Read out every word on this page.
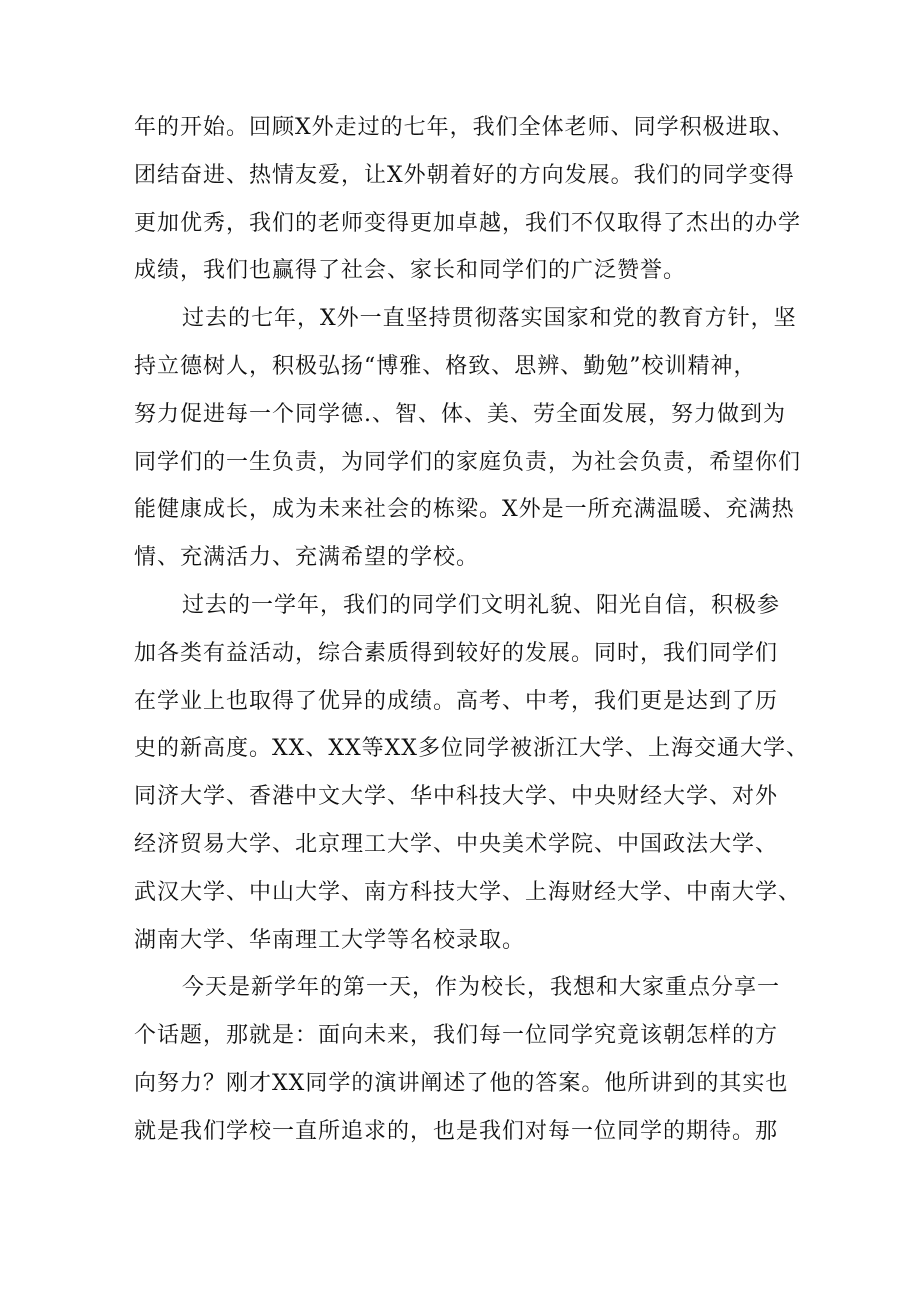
年的开始。回顾X外走过的七年，我们全体老师、同学积极进取、
团结奋进、热情友爱，让X外朝着好的方向发展。我们的同学变得
更加优秀，我们的老师变得更加卓越，我们不仅取得了杰出的办学
成绩，我们也赢得了社会、家长和同学们的广泛赞誉。
过去的七年，X外一直坚持贯彻落实国家和党的教育方针，坚
持立德树人，积极弘扬“博雅、格致、思辨、勤勉”校训精神，
努力促进每一个同学德.、智、体、美、劳全面发展，努力做到为
同学们的一生负责，为同学们的家庭负责，为社会负责，希望你们
能健康成长，成为未来社会的栋梁。X外是一所充满温暖、充满热
情、充满活力、充满希望的学校。
过去的一学年，我们的同学们文明礼貌、阳光自信，积极参
加各类有益活动，综合素质得到较好的发展。同时，我们同学们
在学业上也取得了优异的成绩。高考、中考，我们更是达到了历
史的新高度。XX、XX等XX多位同学被浙江大学、上海交通大学、
同济大学、香港中文大学、华中科技大学、中央财经大学、对外
经济贸易大学、北京理工大学、中央美术学院、中国政法大学、
武汉大学、中山大学、南方科技大学、上海财经大学、中南大学、
湖南大学、华南理工大学等名校录取。
今天是新学年的第一天，作为校长，我想和大家重点分享一
个话题，那就是：面向未来，我们每一位同学究竟该朝怎样的方
向努力？刚才XX同学的演讲阐述了他的答案。他所讲到的其实也
就是我们学校一直所追求的，也是我们对每一位同学的期待。那
